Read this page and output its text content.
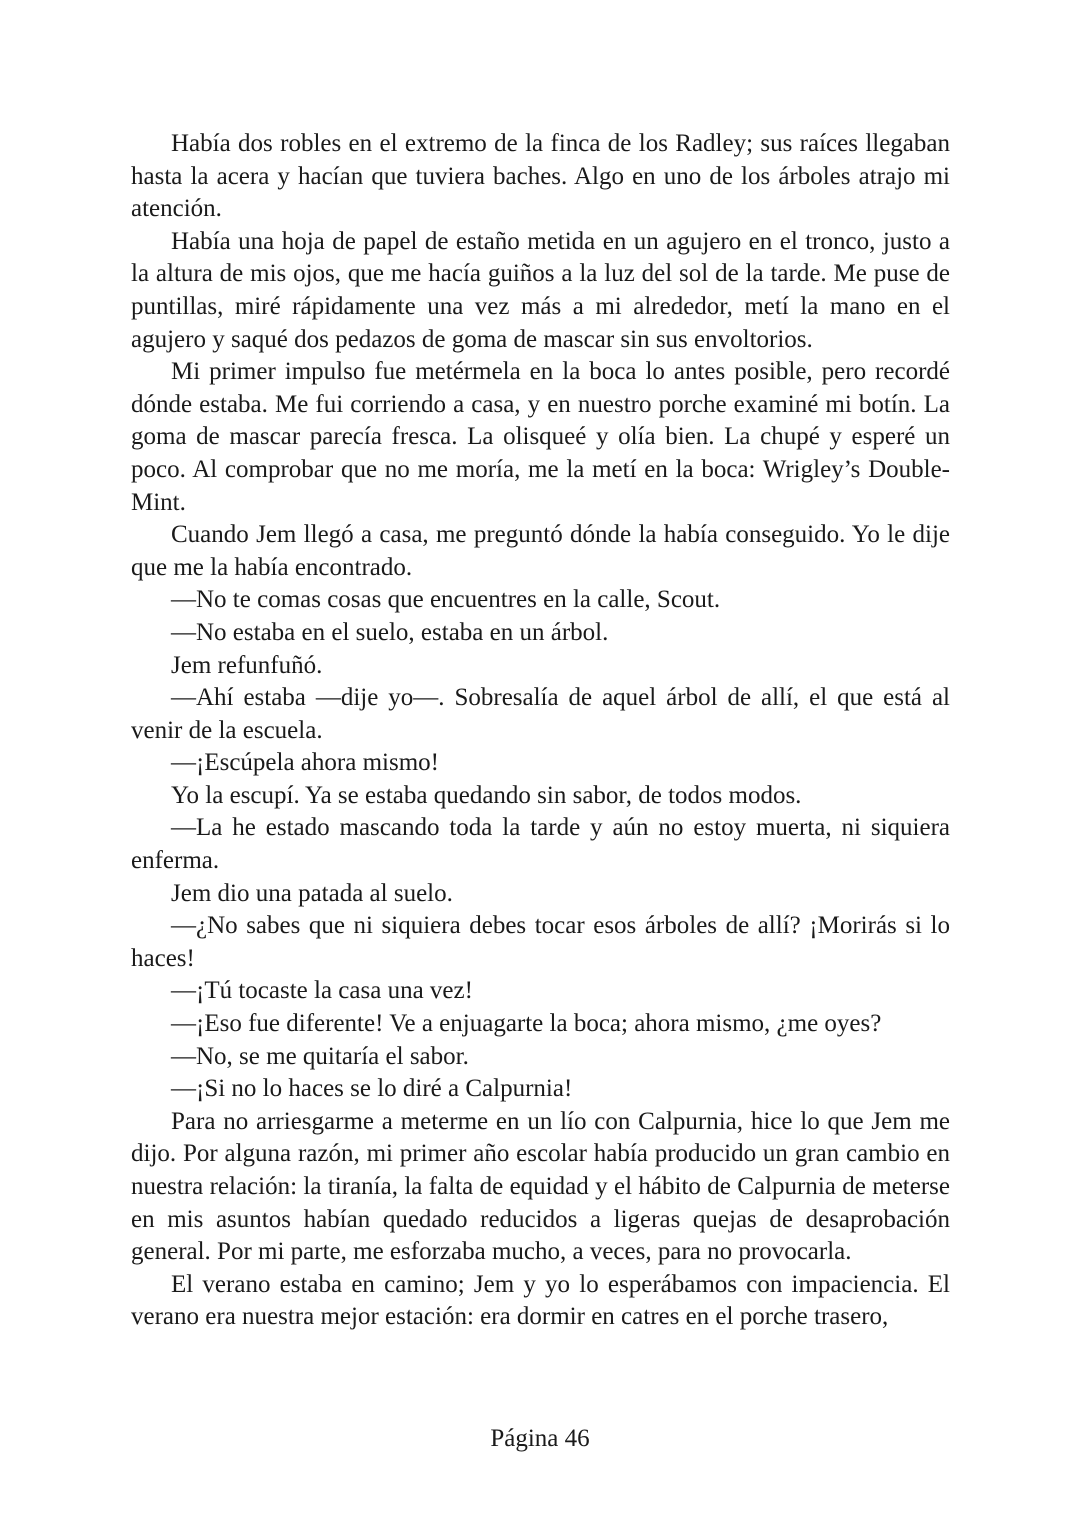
Había dos robles en el extremo de la finca de los Radley; sus raíces llegaban hasta la acera y hacían que tuviera baches. Algo en uno de los árboles atrajo mi atención.

Había una hoja de papel de estaño metida en un agujero en el tronco, justo a la altura de mis ojos, que me hacía guiños a la luz del sol de la tarde. Me puse de puntillas, miré rápidamente una vez más a mi alrededor, metí la mano en el agujero y saqué dos pedazos de goma de mascar sin sus envoltorios.

Mi primer impulso fue metérmela en la boca lo antes posible, pero recordé dónde estaba. Me fui corriendo a casa, y en nuestro porche examiné mi botín. La goma de mascar parecía fresca. La olisqueé y olía bien. La chupé y esperé un poco. Al comprobar que no me moría, me la metí en la boca: Wrigley’s Double-Mint.

Cuando Jem llegó a casa, me preguntó dónde la había conseguido. Yo le dije que me la había encontrado.

—No te comas cosas que encuentres en la calle, Scout.

—No estaba en el suelo, estaba en un árbol.

Jem refunfuñó.

—Ahí estaba —dije yo—. Sobresalía de aquel árbol de allí, el que está al venir de la escuela.

—¡Escúpela ahora mismo!

Yo la escupí. Ya se estaba quedando sin sabor, de todos modos.

—La he estado mascando toda la tarde y aún no estoy muerta, ni siquiera enferma.

Jem dio una patada al suelo.

—¿No sabes que ni siquiera debes tocar esos árboles de allí? ¡Morirás si lo haces!

—¡Tú tocaste la casa una vez!

—¡Eso fue diferente! Ve a enjuagarte la boca; ahora mismo, ¿me oyes?

—No, se me quitaría el sabor.

—¡Si no lo haces se lo diré a Calpurnia!

Para no arriesgarme a meterme en un lío con Calpurnia, hice lo que Jem me dijo. Por alguna razón, mi primer año escolar había producido un gran cambio en nuestra relación: la tiranía, la falta de equidad y el hábito de Calpurnia de meterse en mis asuntos habían quedado reducidos a ligeras quejas de desaprobación general. Por mi parte, me esforzaba mucho, a veces, para no provocarla.

El verano estaba en camino; Jem y yo lo esperábamos con impaciencia. El verano era nuestra mejor estación: era dormir en catres en el porche trasero,

Página 46
